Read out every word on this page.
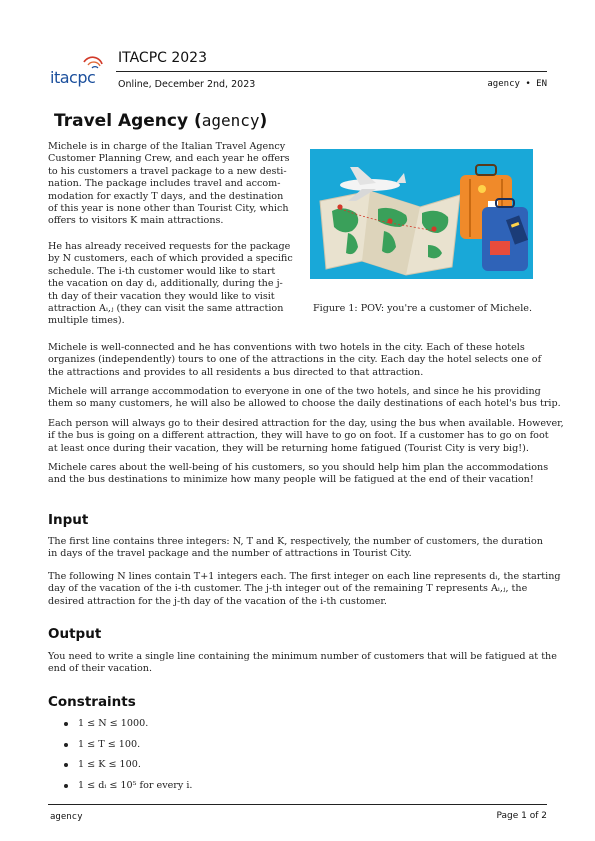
itacpc
ITACPC 2023
Online, December 2nd, 2023	agency • EN
Travel Agency (agency)
Michele is in charge of the Italian Travel Agency
Customer Planning Crew, and each year he offers
to his customers a travel package to a new desti-
nation. The package includes travel and accom-
modation for exactly T days, and the destination
of this year is none other than Tourist City, which
offers to visitors K main attractions.
He has already received requests for the package
by N customers, each of which provided a specific
schedule. The i-th customer would like to start
the vacation on day dᵢ, additionally, during the j-
th day of their vacation they would like to visit
attraction Aᵢ,ⱼ (they can visit the same attraction
multiple times).
Figure 1: POV: you're a customer of Michele.
Michele is well-connected and he has conventions with two hotels in the city. Each of these hotels
organizes (independently) tours to one of the attractions in the city. Each day the hotel selects one of
the attractions and provides to all residents a bus directed to that attraction.
Michele will arrange accommodation to everyone in one of the two hotels, and since he his providing
them so many customers, he will also be allowed to choose the daily destinations of each hotel's bus trip.
Each person will always go to their desired attraction for the day, using the bus when available. However,
if the bus is going on a different attraction, they will have to go on foot. If a customer has to go on foot
at least once during their vacation, they will be returning home fatigued (Tourist City is very big!).
Michele cares about the well-being of his customers, so you should help him plan the accommodations
and the bus destinations to minimize how many people will be fatigued at the end of their vacation!
Input
The first line contains three integers: N, T and K, respectively, the number of customers, the duration
in days of the travel package and the number of attractions in Tourist City.
The following N lines contain T+1 integers each. The first integer on each line represents dᵢ, the starting
day of the vacation of the i-th customer. The j-th integer out of the remaining T represents Aᵢ,ⱼ, the
desired attraction for the j-th day of the vacation of the i-th customer.
Output
You need to write a single line containing the minimum number of customers that will be fatigued at the
end of their vacation.
Constraints
1 ≤ N ≤ 1000.
1 ≤ T ≤ 100.
1 ≤ K ≤ 100.
1 ≤ dᵢ ≤ 10⁵ for every i.
agency	Page 1 of 2
